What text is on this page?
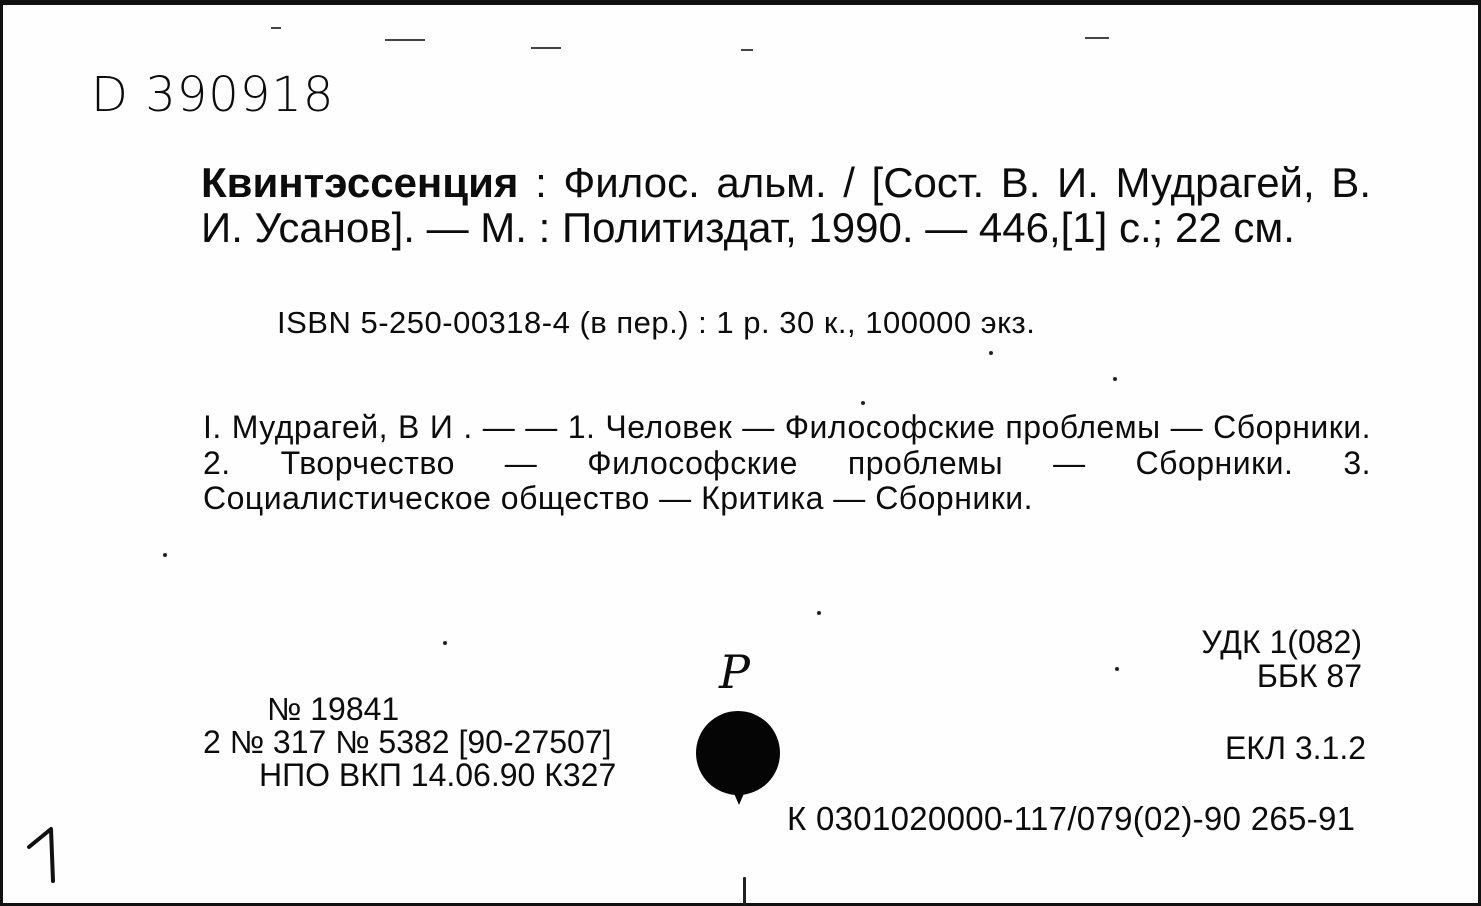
D 390918
Квинтэссенция : Филос. альм. / [Сост. В. И. Мудрагей, В. И. Усанов]. — М. : Политиздат, 1990. — 446,[1] с.; 22 см.
ISBN 5-250-00318-4 (в пер.) : 1 р. 30 к., 100000 экз.
I. Мудрагей, В И . — — 1. Человек — Философские проблемы — Сборники. 2. Творчество — Философские проблемы — Сборники. 3. Социалистическое общество — Критика — Сборники.
УДК 1(082)
ББК 87
ЕКЛ 3.1.2
№ 19841
2 № 317 № 5382 [90-27507]
НПО ВКП 14.06.90 К327
К 0301020000-117/079(02)-90 265-91
Р
